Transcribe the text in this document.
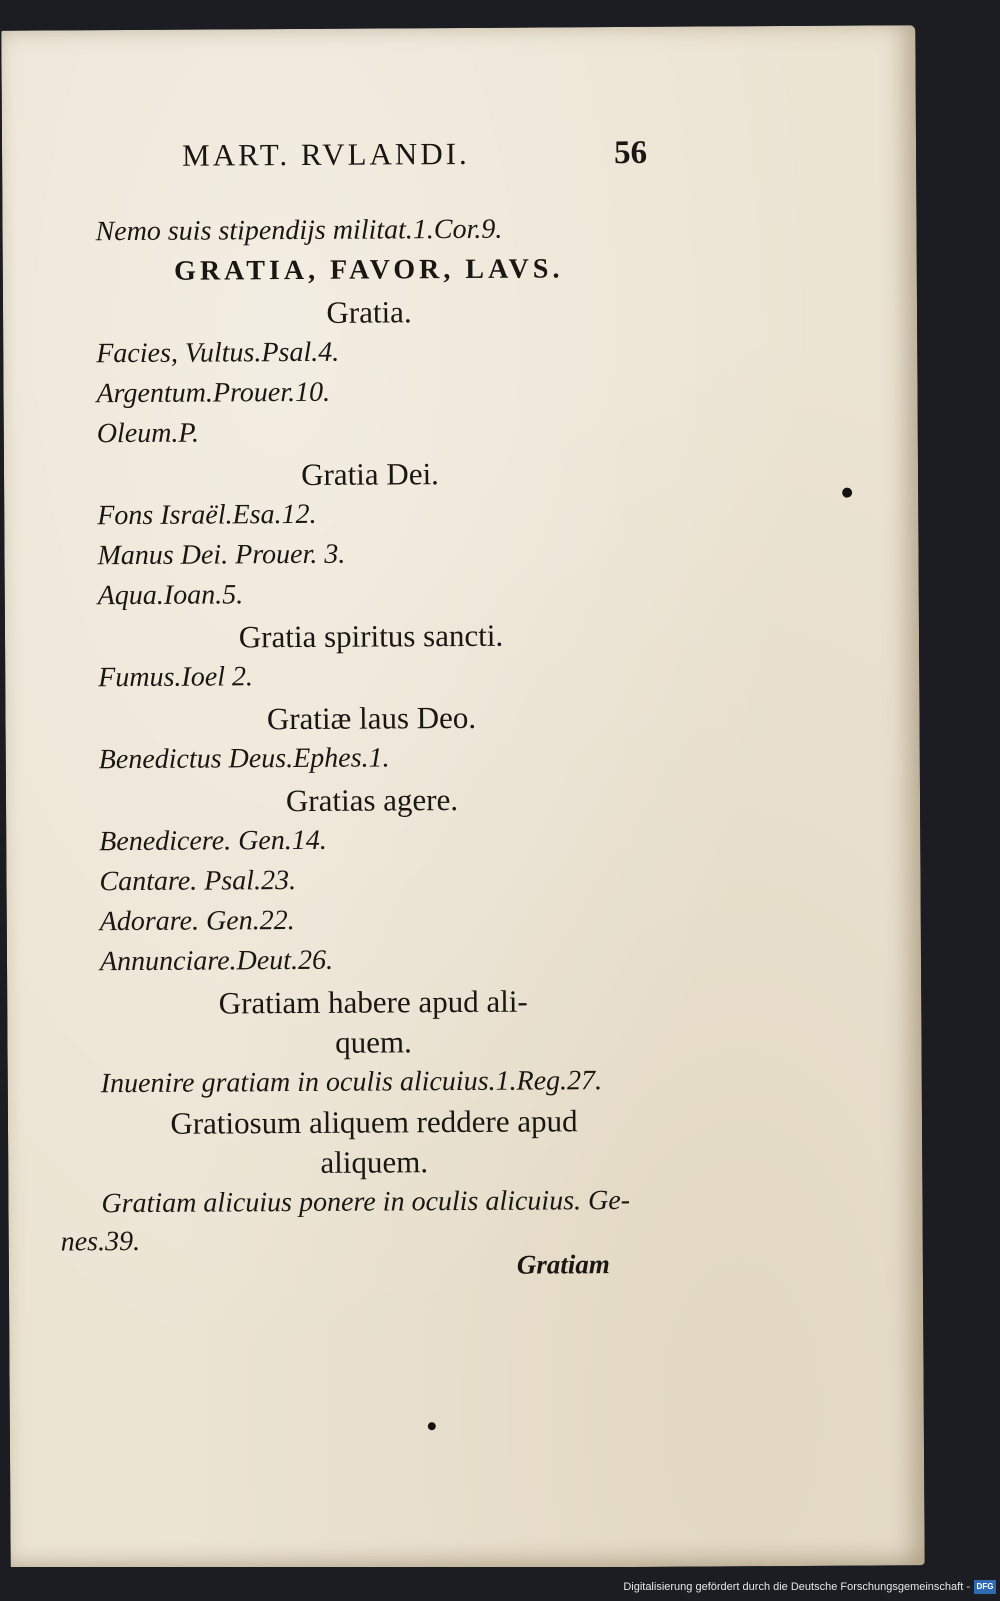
MART. RVLANDI.	56
Nemo suis stipendijs militat.1.Cor.9.
GRATIA, FAVOR, LAVS.
Gratia.
Facies, Vultus.Psal.4.
Argentum.Prouer.10.
Oleum.P.
Gratia Dei.
Fons Israël.Esa.12.
Manus Dei. Prouer. 3.
Aqua.Ioan.5.
Gratia spiritus sancti.
Fumus.Ioel 2.
Gratiæ laus Deo.
Benedictus Deus.Ephes.1.
Gratias agere.
Benedicere. Gen.14.
Cantare. Psal.23.
Adorare. Gen.22.
Annunciare.Deut.26.
Gratiam habere apud ali-
quem.
Inuenire gratiam in oculis alicuius.1.Reg.27.
Gratiosum aliquem reddere apud
aliquem.
Gratiam alicuius ponere in oculis alicuius. Ge-
nes.39.
Gratiam
Digitalisierung gefördert durch die Deutsche Forschungsgemeinschaft - DFG
